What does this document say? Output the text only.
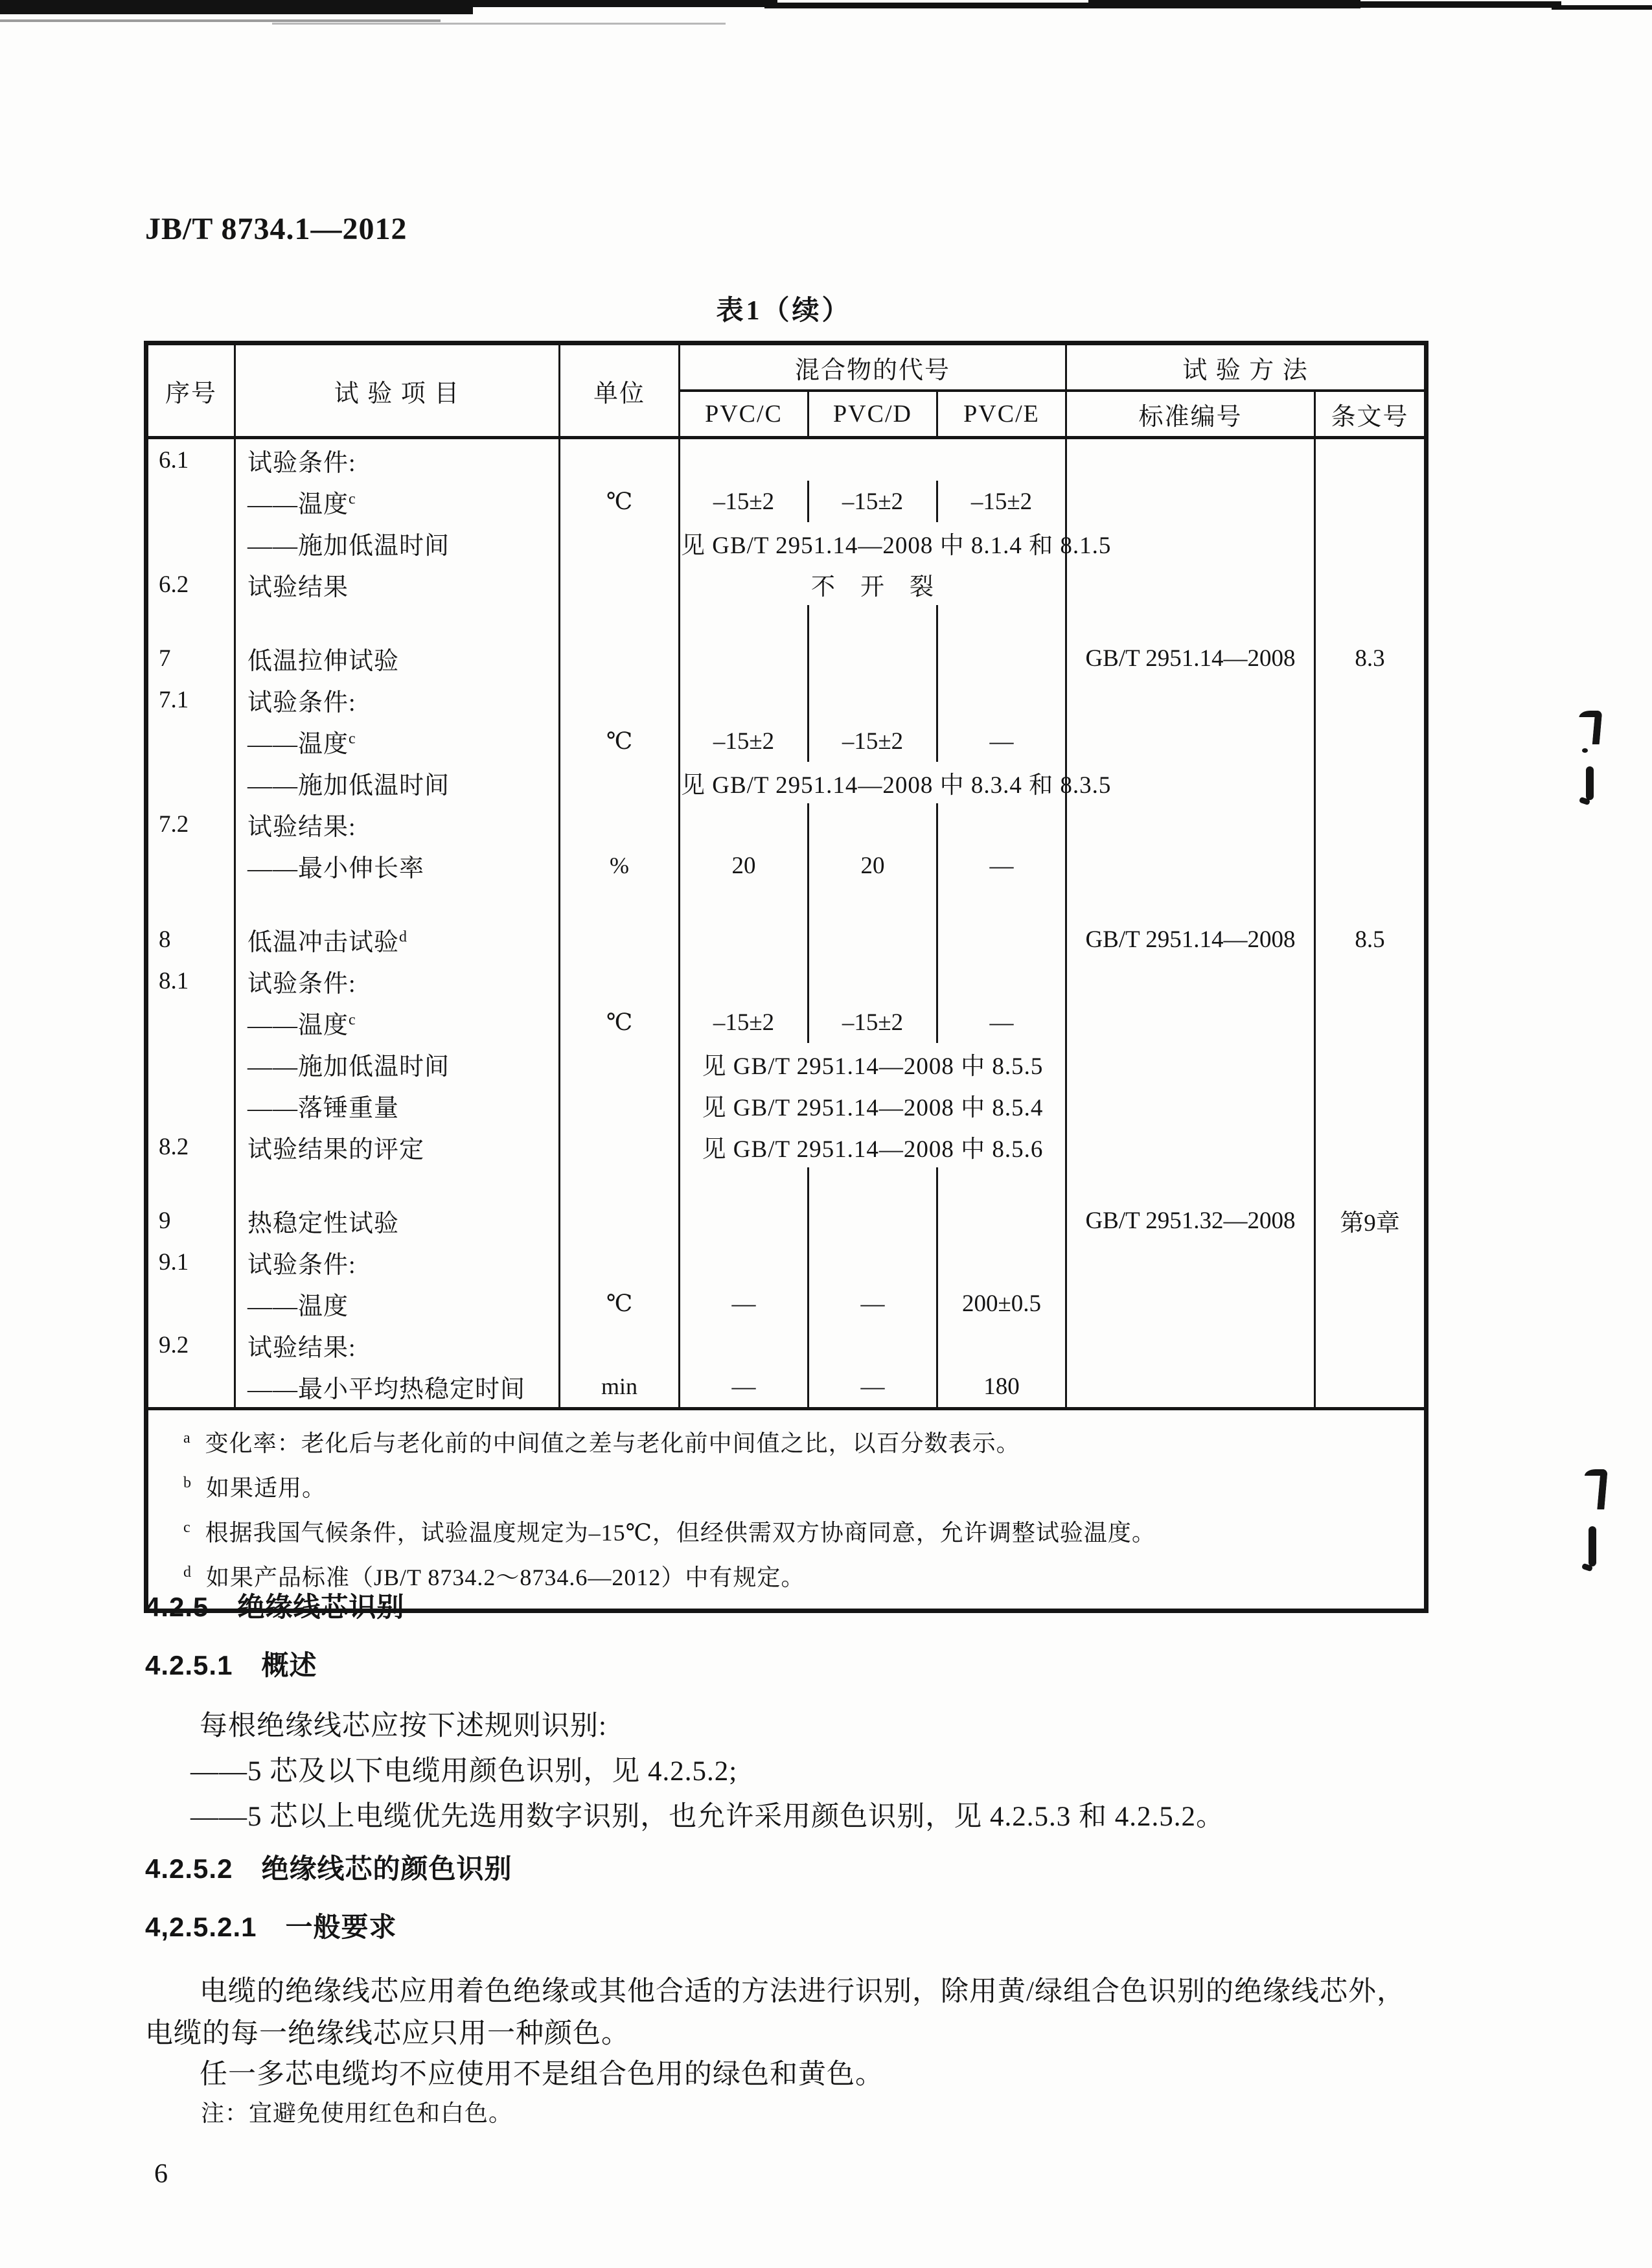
JB/T 8734.1—2012
表1（续）
序号	试 验 项 目	单位	混合物的代号			试 验 方 法	
			PVC/C	PVC/D	PVC/E	标准编号	条文号
6.1	试验条件:						
	——温度$^c$	℃	–15±2	–15±2	–15±2		
	——施加低温时间		见 GB/T 2951.14—2008 中 8.1.4 和 8.1.5				
6.2	试验结果		不　开　裂				

7	低温拉伸试验					GB/T 2951.14—2008	8.3
7.1	试验条件:						
	——温度$^c$	℃	–15±2	–15±2	—		
	——施加低温时间		见 GB/T 2951.14—2008 中 8.3.4 和 8.3.5				
7.2	试验结果:						
	——最小伸长率	%	20	20	—		

8	低温冲击试验$^d$					GB/T 2951.14—2008	8.5
8.1	试验条件:						
	——温度$^c$	℃	–15±2	–15±2	—		
	——施加低温时间		见 GB/T 2951.14—2008 中 8.5.5				
	——落锤重量		见 GB/T 2951.14—2008 中 8.5.4				
8.2	试验结果的评定		见 GB/T 2951.14—2008 中 8.5.6				

9	热稳定性试验					GB/T 2951.32—2008	第9章
9.1	试验条件:						
	——温度	℃	—	—	200±0.5		
9.2	试验结果:						
	——最小平均热稳定时间	min	—	—	180		

$^a$ 变化率：老化后与老化前的中间值之差与老化前中间值之比，以百分数表示。
$^b$ 如果适用。
$^c$ 根据我国气候条件，试验温度规定为–15℃，但经供需双方协商同意，允许调整试验温度。
$^d$ 如果产品标准（JB/T 8734.2～8734.6—2012）中有规定。							
4.2.5 绝缘线芯识别
4.2.5.1 概述
每根绝缘线芯应按下述规则识别:
——5 芯及以下电缆用颜色识别，见 4.2.5.2;
——5 芯以上电缆优先选用数字识别，也允许采用颜色识别，见 4.2.5.3 和 4.2.5.2。
4.2.5.2 绝缘线芯的颜色识别
4,2.5.2.1 一般要求
电缆的绝缘线芯应用着色绝缘或其他合适的方法进行识别，除用黄/绿组合色识别的绝缘线芯外，
电缆的每一绝缘线芯应只用一种颜色。
任一多芯电缆均不应使用不是组合色用的绿色和黄色。
注：宜避免使用红色和白色。
6
